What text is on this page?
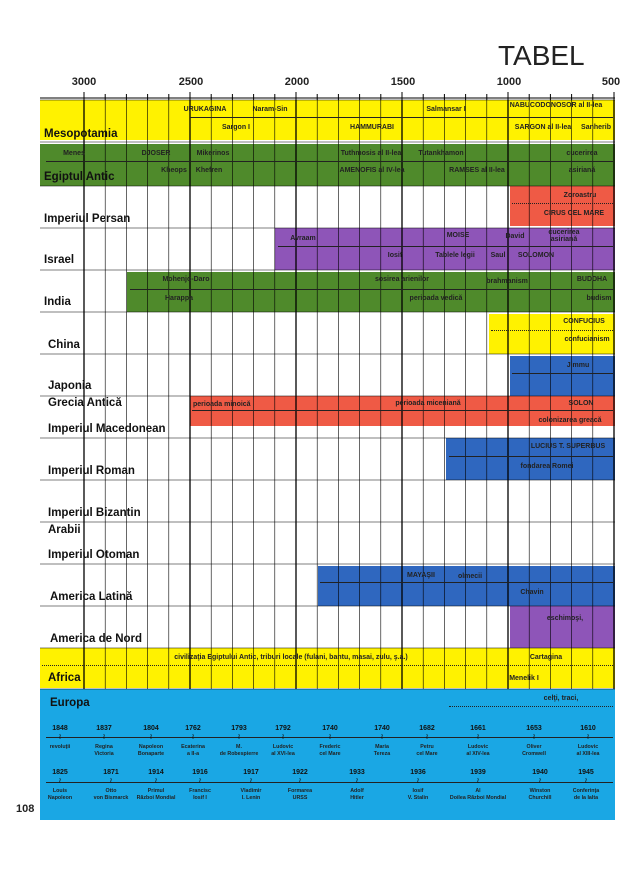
TABEL
3000	2500	2000	1500	1000	500
Mesopotamia
Egiptul Antic
Imperiul Persan
Israel
India
China
Japonia
Grecia Antică
Imperiul Macedonean
Imperiul Roman
Imperiul Bizantin
Arabii
Imperiul Otoman
America Latină
America de Nord
Africa
Europa
URUKAGINA	Naram-Sin	Salmansar I
NABUCODONOSOR al II-lea
Sargon I	HAMMURABI	SARGON al II-lea Sanherib
Menes	DJOSER	Mikerinos	Tuthmosis al II-lea Tutankhamon	cucerirea
Kheops Khefren	AMENOFIS al IV-lea	RAMSES al II-lea	asiriană
Zoroastru
CIRUS CEL MARE
Avraam	MOISE	David
cucerirea
asiriană
Iosif	Tablele legii Saul SOLOMON
Mohenjo-Daro	sosirea arienilor	brahmanism	BUDDHA
Harappa	perioada vedică	budism
CONFUCIUS
confucianism
Jimmu
perioada minoică	perioada miceniană	SOLON
colonizarea greacă
LUCIUS T. SUPERBUS
fondarea Romei
MAYAŞII	olmecii
Chavin
eschimoşi,
civilizaţia Egiptului Antic, triburi locale (fulani, bantu, masai, zulu, ş.a.)	Cartagina
Menelik I
celţi, traci,
1848
≀
revoluţii
1837
≀
Regina
Victoria
1804
≀
Napoleon
Bonaparte
1762
≀
Ecaterina
a II-a
1793
≀
M.
de Robespierre
1792
≀
Ludovic
al XVI-lea
1740
≀
Frederic
cel Mare
1740
≀
Maria
Tereza
1682
≀
Petru
cel Mare
1661
≀
Ludovic
al XIV-lea
1653
≀
Oliver
Cromwell
1610
≀
Ludovic
al XIII-lea
1825
≀
Louis
Napoleon
1871
≀
Otto
von Bismarck
1914
≀
Primul
Război Mondial
1916
≀
Francisc
Iosif I
1917
≀
Vladimir
I. Lenin
1922
≀
Formarea
URSS
1933
≀
Adolf
Hitler
1936
≀
Iosif
V. Stalin
1939
≀
Al
Doilea Război Mondial
1940
≀
Winston
Churchill
1945
≀
Conferinţa
de la Ialta
108
